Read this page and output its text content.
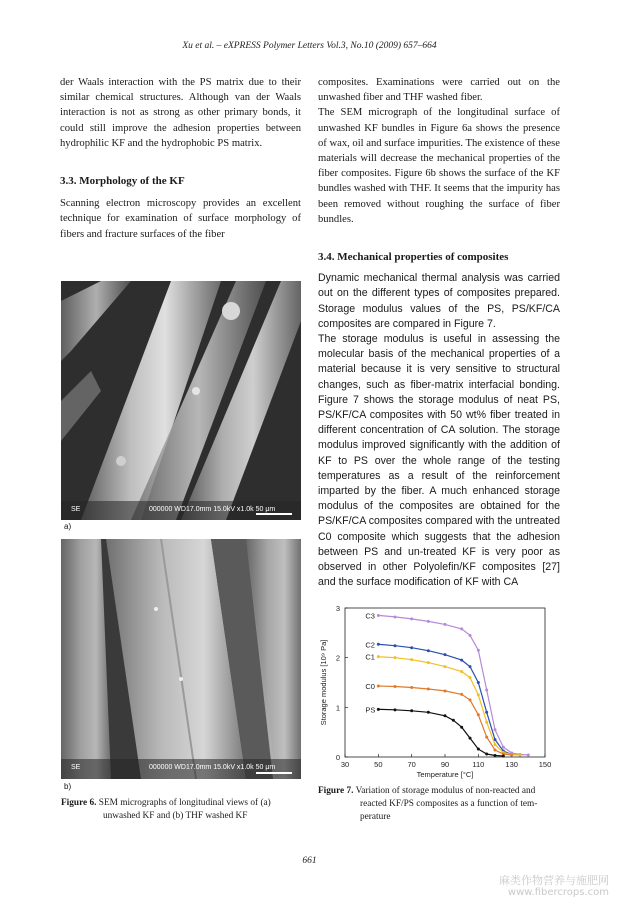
Xu et al. – eXPRESS Polymer Letters Vol.3, No.10 (2009) 657–664

der Waals interaction with the PS matrix due to their similar chemical structures. Although van der Waals interaction is not as strong as other primary bonds, it could still improve the adhesion properties between hydrophilic KF and the hydrophobic PS matrix.

3.3. Morphology of the KF

Scanning electron microscopy provides an excellent technique for examination of surface morphology of fibers and fracture surfaces of the fiber

SE	000000 WD17.0mm 15.0kV x1.0k 50 μm
a)
SE	000000 WD17.0mm 15.0kV x1.0k 50 μm
b)
Figure 6. SEM micrographs of longitudinal views of (a)
unwashed KF and (b) THF washed KF

composites. Examinations were carried out on the unwashed fiber and THF washed fiber.

The SEM micrograph of the longitudinal surface of unwashed KF bundles in Figure 6a shows the presence of wax, oil and surface impurities. The existence of these materials will decrease the mechanical properties of the fiber composites. Figure 6b shows the surface of the KF bundles washed with THF. It seems that the impurity has been removed without roughing the surface of fiber bundles.

3.4. Mechanical properties of composites

Dynamic mechanical thermal analysis was carried out on the different types of composites prepared. Storage modulus values of the PS, PS/KF/CA composites are compared in Figure 7.

The storage modulus is useful in assessing the molecular basis of the mechanical properties of a material because it is very sensitive to structural changes, such as fiber-matrix interfacial bonding. Figure 7 shows the storage modulus of neat PS, PS/KF/CA composites with 50 wt% fiber treated in different concentration of CA solution. The storage modulus improved significantly with the addition of KF to PS over the whole range of the testing temperatures as a result of the reinforcement imparted by the fiber. A much enhanced storage modulus of the composites are obtained for the PS/KF/CA composites compared with the untreated C0 composite which suggests that the adhesion between PS and un-treated KF is very poor as observed in other Polyolefin/KF composites [27] and the surface modification of KF with CA

30	50	70	90	110	130	150
0
1
2
3
Temperature [°C]
Storage modulus [10⁹ Pa]
C3
C2
C1
C0
PS
Figure 7. Variation of storage modulus of non-reacted and
reacted KF/PS composites as a function of tem-
perature
661
麻类作物营养与施肥网
www.fibercrops.com
